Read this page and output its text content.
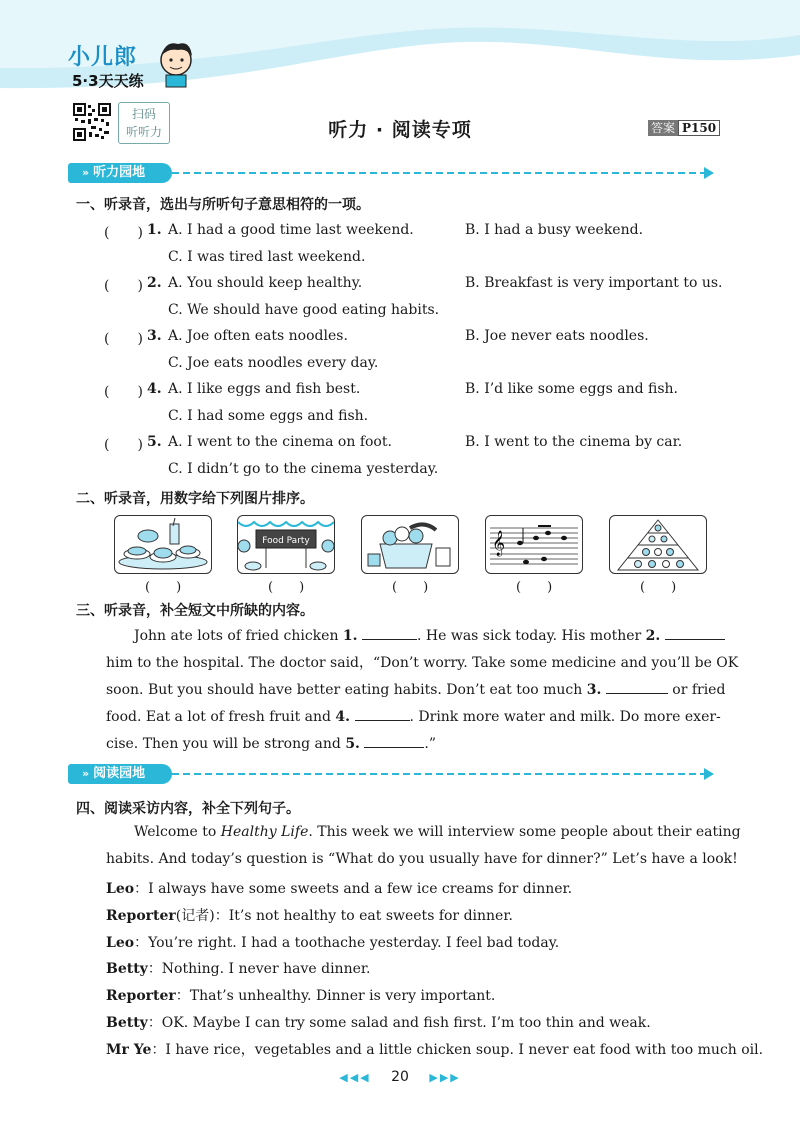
小儿郎
5·3天天练
扫码
听听力	听力 · 阅读专项	答案 P150
» 听力园地
一、听录音，选出与所听句子意思相符的一项。
(　　) 1. A. I had a good time last weekend.	B. I had a busy weekend.
C. I was tired last weekend.
(　　) 2. A. You should keep healthy.	B. Breakfast is very important to us.
C. We should have good eating habits.
(　　) 3. A. Joe often eats noodles.	B. Joe never eats noodles.
C. Joe eats noodles every day.
(　　) 4. A. I like eggs and fish best.	B. I’d like some eggs and fish.
C. I had some eggs and fish.
(　　) 5. A. I went to the cinema on foot.	B. I went to the cinema by car.
C. I didn’t go to the cinema yesterday.
二、听录音，用数字给下列图片排序。
Food Party	𝄞
(　　)	(　　)	(　　)	(　　)	(　　)
三、听录音，补全短文中所缺的内容。
John ate lots of fried chicken 1.	. He was sick today. His mother 2.
him to the hospital. The doctor said，“Don’t worry. Take some medicine and you’ll be OK
soon. But you should have better eating habits. Don’t eat too much 3.	or fried
food. Eat a lot of fresh fruit and 4.	. Drink more water and milk. Do more exer-
cise. Then you will be strong and 5.	.”
» 阅读园地
四、阅读采访内容，补全下列句子。
Welcome to Healthy Life. This week we will interview some people about their eating
habits. And today’s question is “What do you usually have for dinner?” Let’s have a look!
Leo：I always have some sweets and a few ice creams for dinner.
Reporter(记者)：It’s not healthy to eat sweets for dinner.
Leo：You’re right. I had a toothache yesterday. I feel bad today.
Betty：Nothing. I never have dinner.
Reporter：That’s unhealthy. Dinner is very important.
Betty：OK. Maybe I can try some salad and fish first. I’m too thin and weak.
Mr Ye：I have rice，vegetables and a little chicken soup. I never eat food with too much oil.
◀◀◀ 20 ▶▶▶
